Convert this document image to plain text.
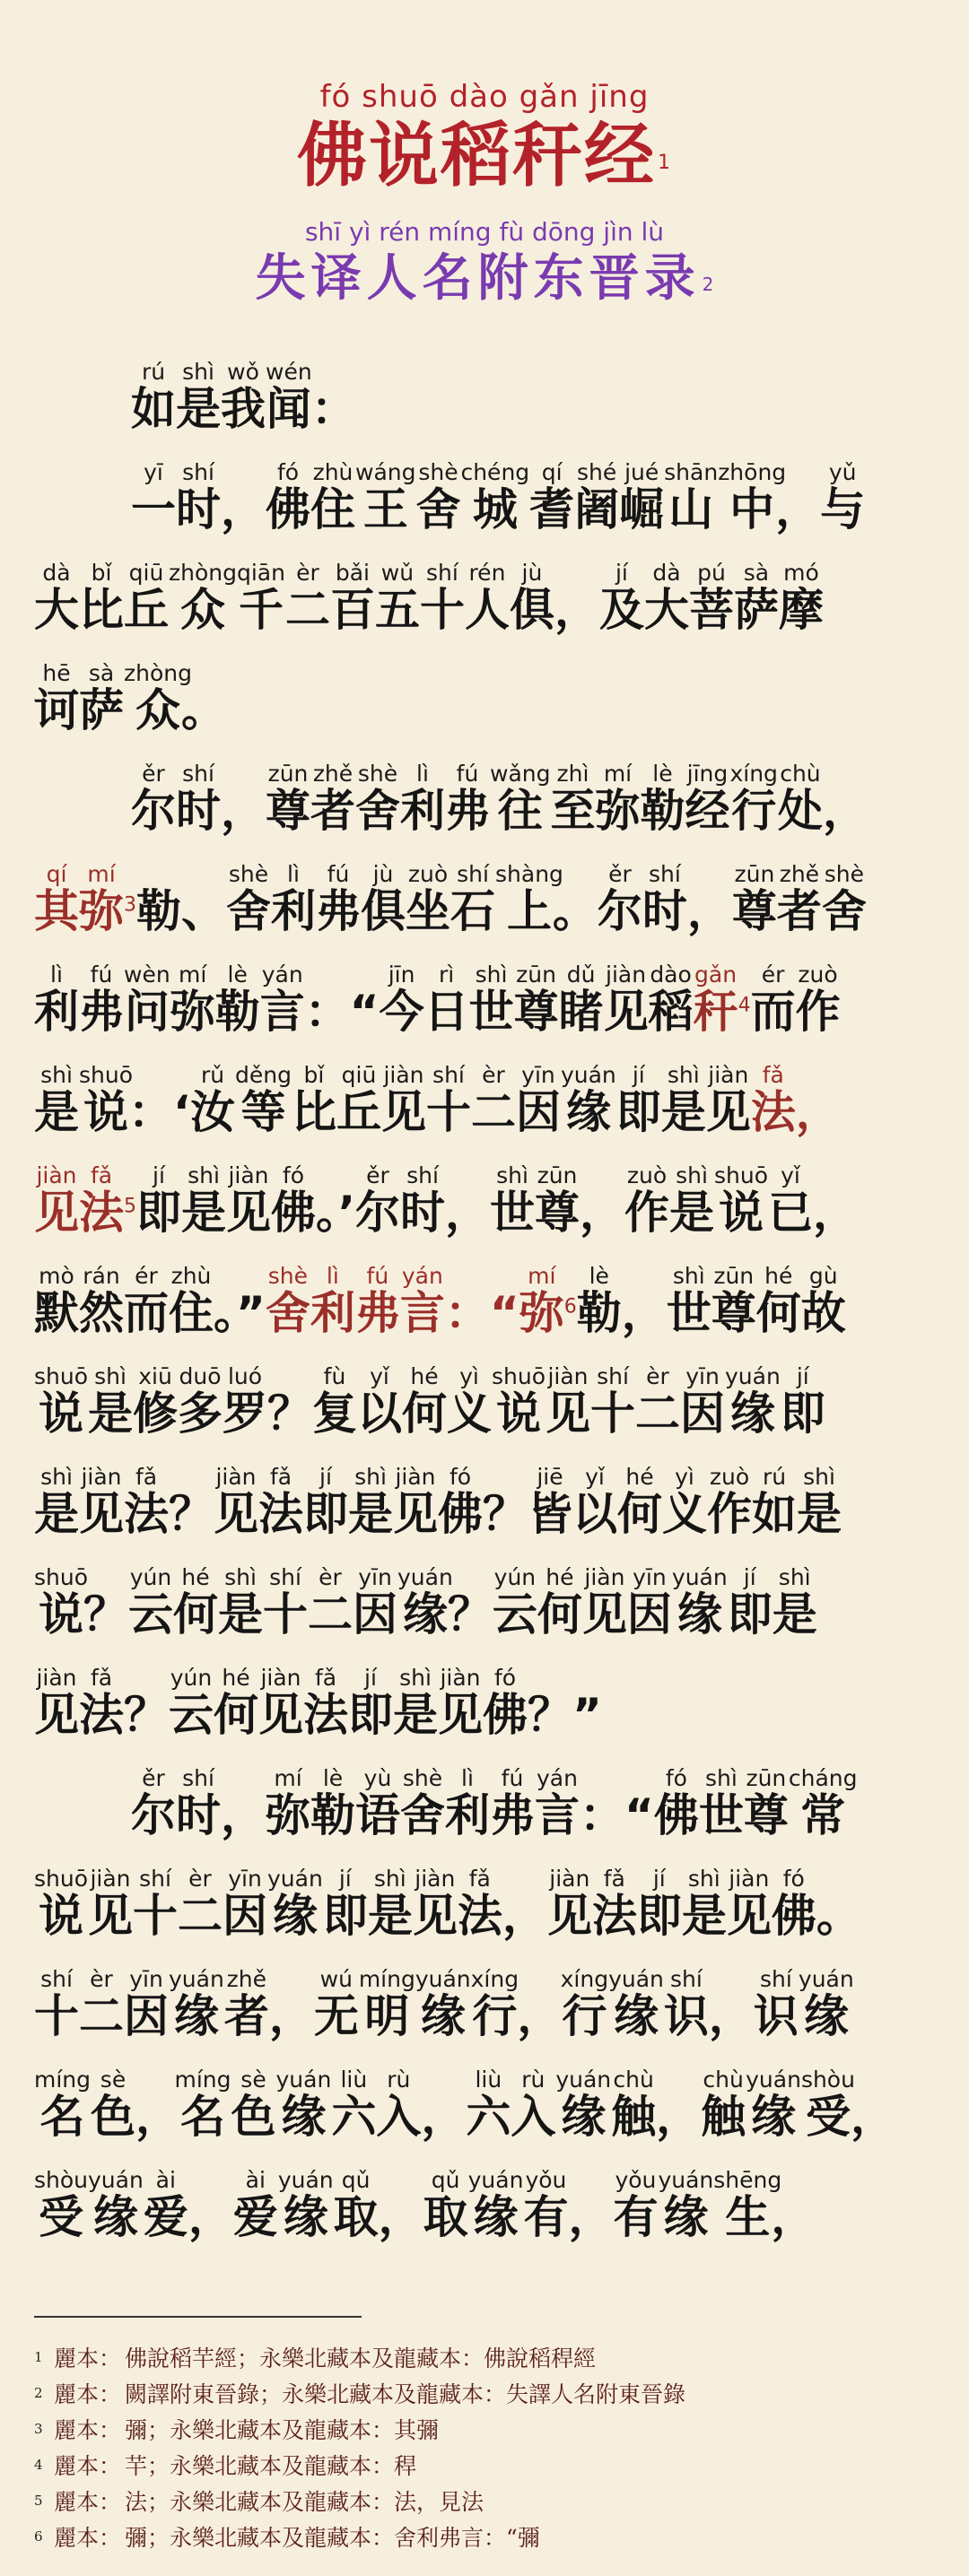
fó shuō dào gǎn jīng
佛说稻秆经$^1$
shī yì rén míng fù dōng jìn lù
失译人名附东晋录 $^2$
如rú是shì我wǒ闻wén：
一yī时shí，佛fó住zhù王wáng舍shè城chéng耆qí阇shé崛jué山shān中zhōng，与yǔ
大dà比bǐ丘qiū众zhòng千qiān二èr百bǎi五wǔ十shí人rén俱jù，及jí大dà菩pú萨sà摩mó
诃hē萨sà众zhòng。
尔ěr时shí，尊zūn者zhě舍shè利lì弗fú往wǎng至zhì弥mí勒lè经jīng行xíng处chù，
其qí弥mí$^3$勒、舍shè利lì弗fú俱jù坐zuò石shí上shàng。尔ěr时shí，尊zūn者zhě舍shè
利lì弗fú问wèn弥mí勒lè言yán：“今jīn日rì世shì尊zūn睹dǔ见jiàn稻dào秆gǎn$^4$而ér作zuò
是shì说shuō：‘汝rǔ等děng比bǐ丘qiū见jiàn十shí二èr因yīn缘yuán即jí是shì见jiàn法fǎ，
见jiàn法fǎ$^5$即jí是shì见jiàn佛fó。’尔ěr时shí，世shì尊zūn，作zuò是shì说shuō已yǐ，
默mò然rán而ér住zhù。”舍shè利lì弗fú言yán：“弥mí$^6$勒lè，世shì尊zūn何hé故gù
说shuō是shì修xiū多duō罗luó？复fù以yǐ何hé义yì说shuō见jiàn十shí二èr因yīn缘yuán即jí
是shì见jiàn法fǎ？见jiàn法fǎ即jí是shì见jiàn佛fó？皆jiē以yǐ何hé义yì作zuò如rú是shì
说shuō？云yún何hé是shì十shí二èr因yīn缘yuán？云yún何hé见jiàn因yīn缘yuán即jí是shì
见jiàn法fǎ？云yún何hé见jiàn法fǎ即jí是shì见jiàn佛fó？”
尔ěr时shí，弥mí勒lè语yù舍shè利lì弗fú言yán：“佛fó世shì尊zūn常cháng
说shuō见jiàn十shí二èr因yīn缘yuán即jí是shì见jiàn法fǎ，见jiàn法fǎ即jí是shì见jiàn佛fó。
十shí二èr因yīn缘yuán者zhě，无wú明míng缘yuán行xíng，行xíng缘yuán识shí，识shí缘yuán
名míng色sè，名míng色sè缘yuán六liù入rù，六liù入rù缘yuán触chù，触chù缘yuán受shòu，
受shòu缘yuán爱ài，爱ài缘yuán取qǔ，取qǔ缘yuán有yǒu，有yǒu缘yuán生shēng，
1 麗本： 佛說稻芉經；永樂北藏本及龍藏本：佛說稻稈經
2 麗本： 闕譯附東晉錄；永樂北藏本及龍藏本：失譯人名附東晉錄
3 麗本： 彌；永樂北藏本及龍藏本：其彌
4 麗本： 芉；永樂北藏本及龍藏本：稈
5 麗本： 法；永樂北藏本及龍藏本：法，見法
6 麗本： 彌；永樂北藏本及龍藏本：舍利弗言：“彌
